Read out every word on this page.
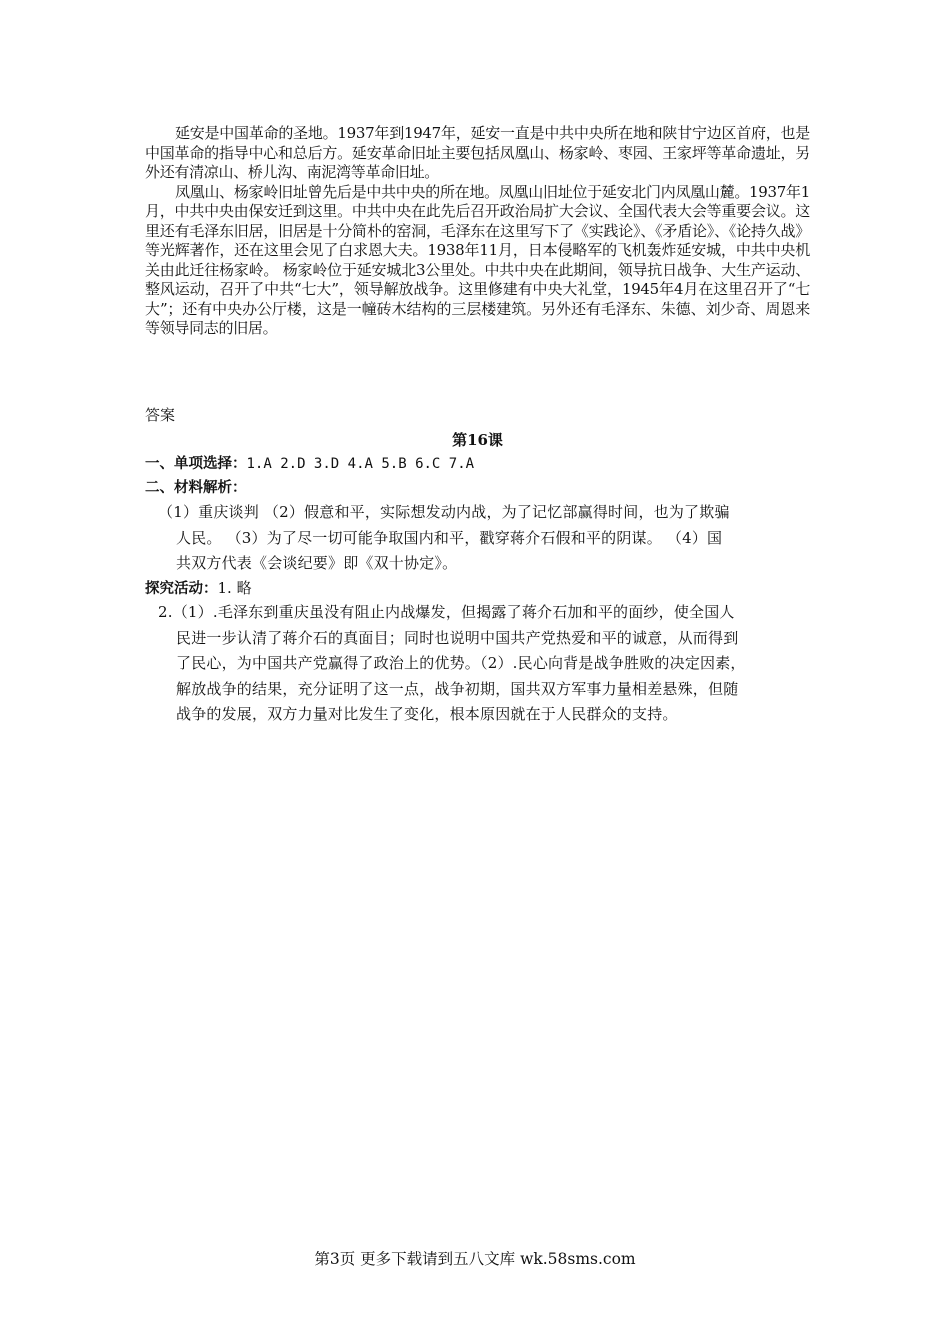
延安是中国革命的圣地。1937年到1947年，延安一直是中共中央所在地和陕甘宁边区首府，也是中国革命的指导中心和总后方。延安革命旧址主要包括凤凰山、杨家岭、枣园、王家坪等革命遗址，另外还有清凉山、桥儿沟、南泥湾等革命旧址。

凤凰山、杨家岭旧址曾先后是中共中央的所在地。凤凰山旧址位于延安北门内凤凰山麓。1937年1月，中共中央由保安迁到这里。中共中央在此先后召开政治局扩大会议、全国代表大会等重要会议。这里还有毛泽东旧居，旧居是十分简朴的窑洞，毛泽东在这里写下了《实践论》、《矛盾论》、《论持久战》等光辉著作，还在这里会见了白求恩大夫。1938年11月，日本侵略军的飞机轰炸延安城，中共中央机关由此迁往杨家岭。 杨家岭位于延安城北3公里处。中共中央在此期间，领导抗日战争、大生产运动、整风运动，召开了中共“七大”，领导解放战争。这里修建有中央大礼堂，1945年4月在这里召开了“七大”；还有中央办公厅楼，这是一幢砖木结构的三层楼建筑。另外还有毛泽东、朱德、刘少奇、周恩来等领导同志的旧居。

答案
第16课
一、单项选择：1.A 2.D 3.D 4.A 5.B 6.C 7.A
二、材料解析：
（1）重庆谈判 （2）假意和平，实际想发动内战，为了记忆部赢得时间，也为了欺骗
人民。 （3）为了尽一切可能争取国内和平，戳穿蒋介石假和平的阴谋。 （4）国
共双方代表《会谈纪要》即《双十协定》。
探究活动：1. 略
2.（1）.毛泽东到重庆虽没有阻止内战爆发，但揭露了蒋介石加和平的面纱，使全国人
民进一步认清了蒋介石的真面目；同时也说明中国共产党热爱和平的诚意，从而得到
了民心，为中国共产党赢得了政治上的优势。（2）.民心向背是战争胜败的决定因素，
解放战争的结果，充分证明了这一点，战争初期，国共双方军事力量相差悬殊，但随
战争的发展，双方力量对比发生了变化，根本原因就在于人民群众的支持。
第3页 更多下载请到五八文库 wk.58sms.com
